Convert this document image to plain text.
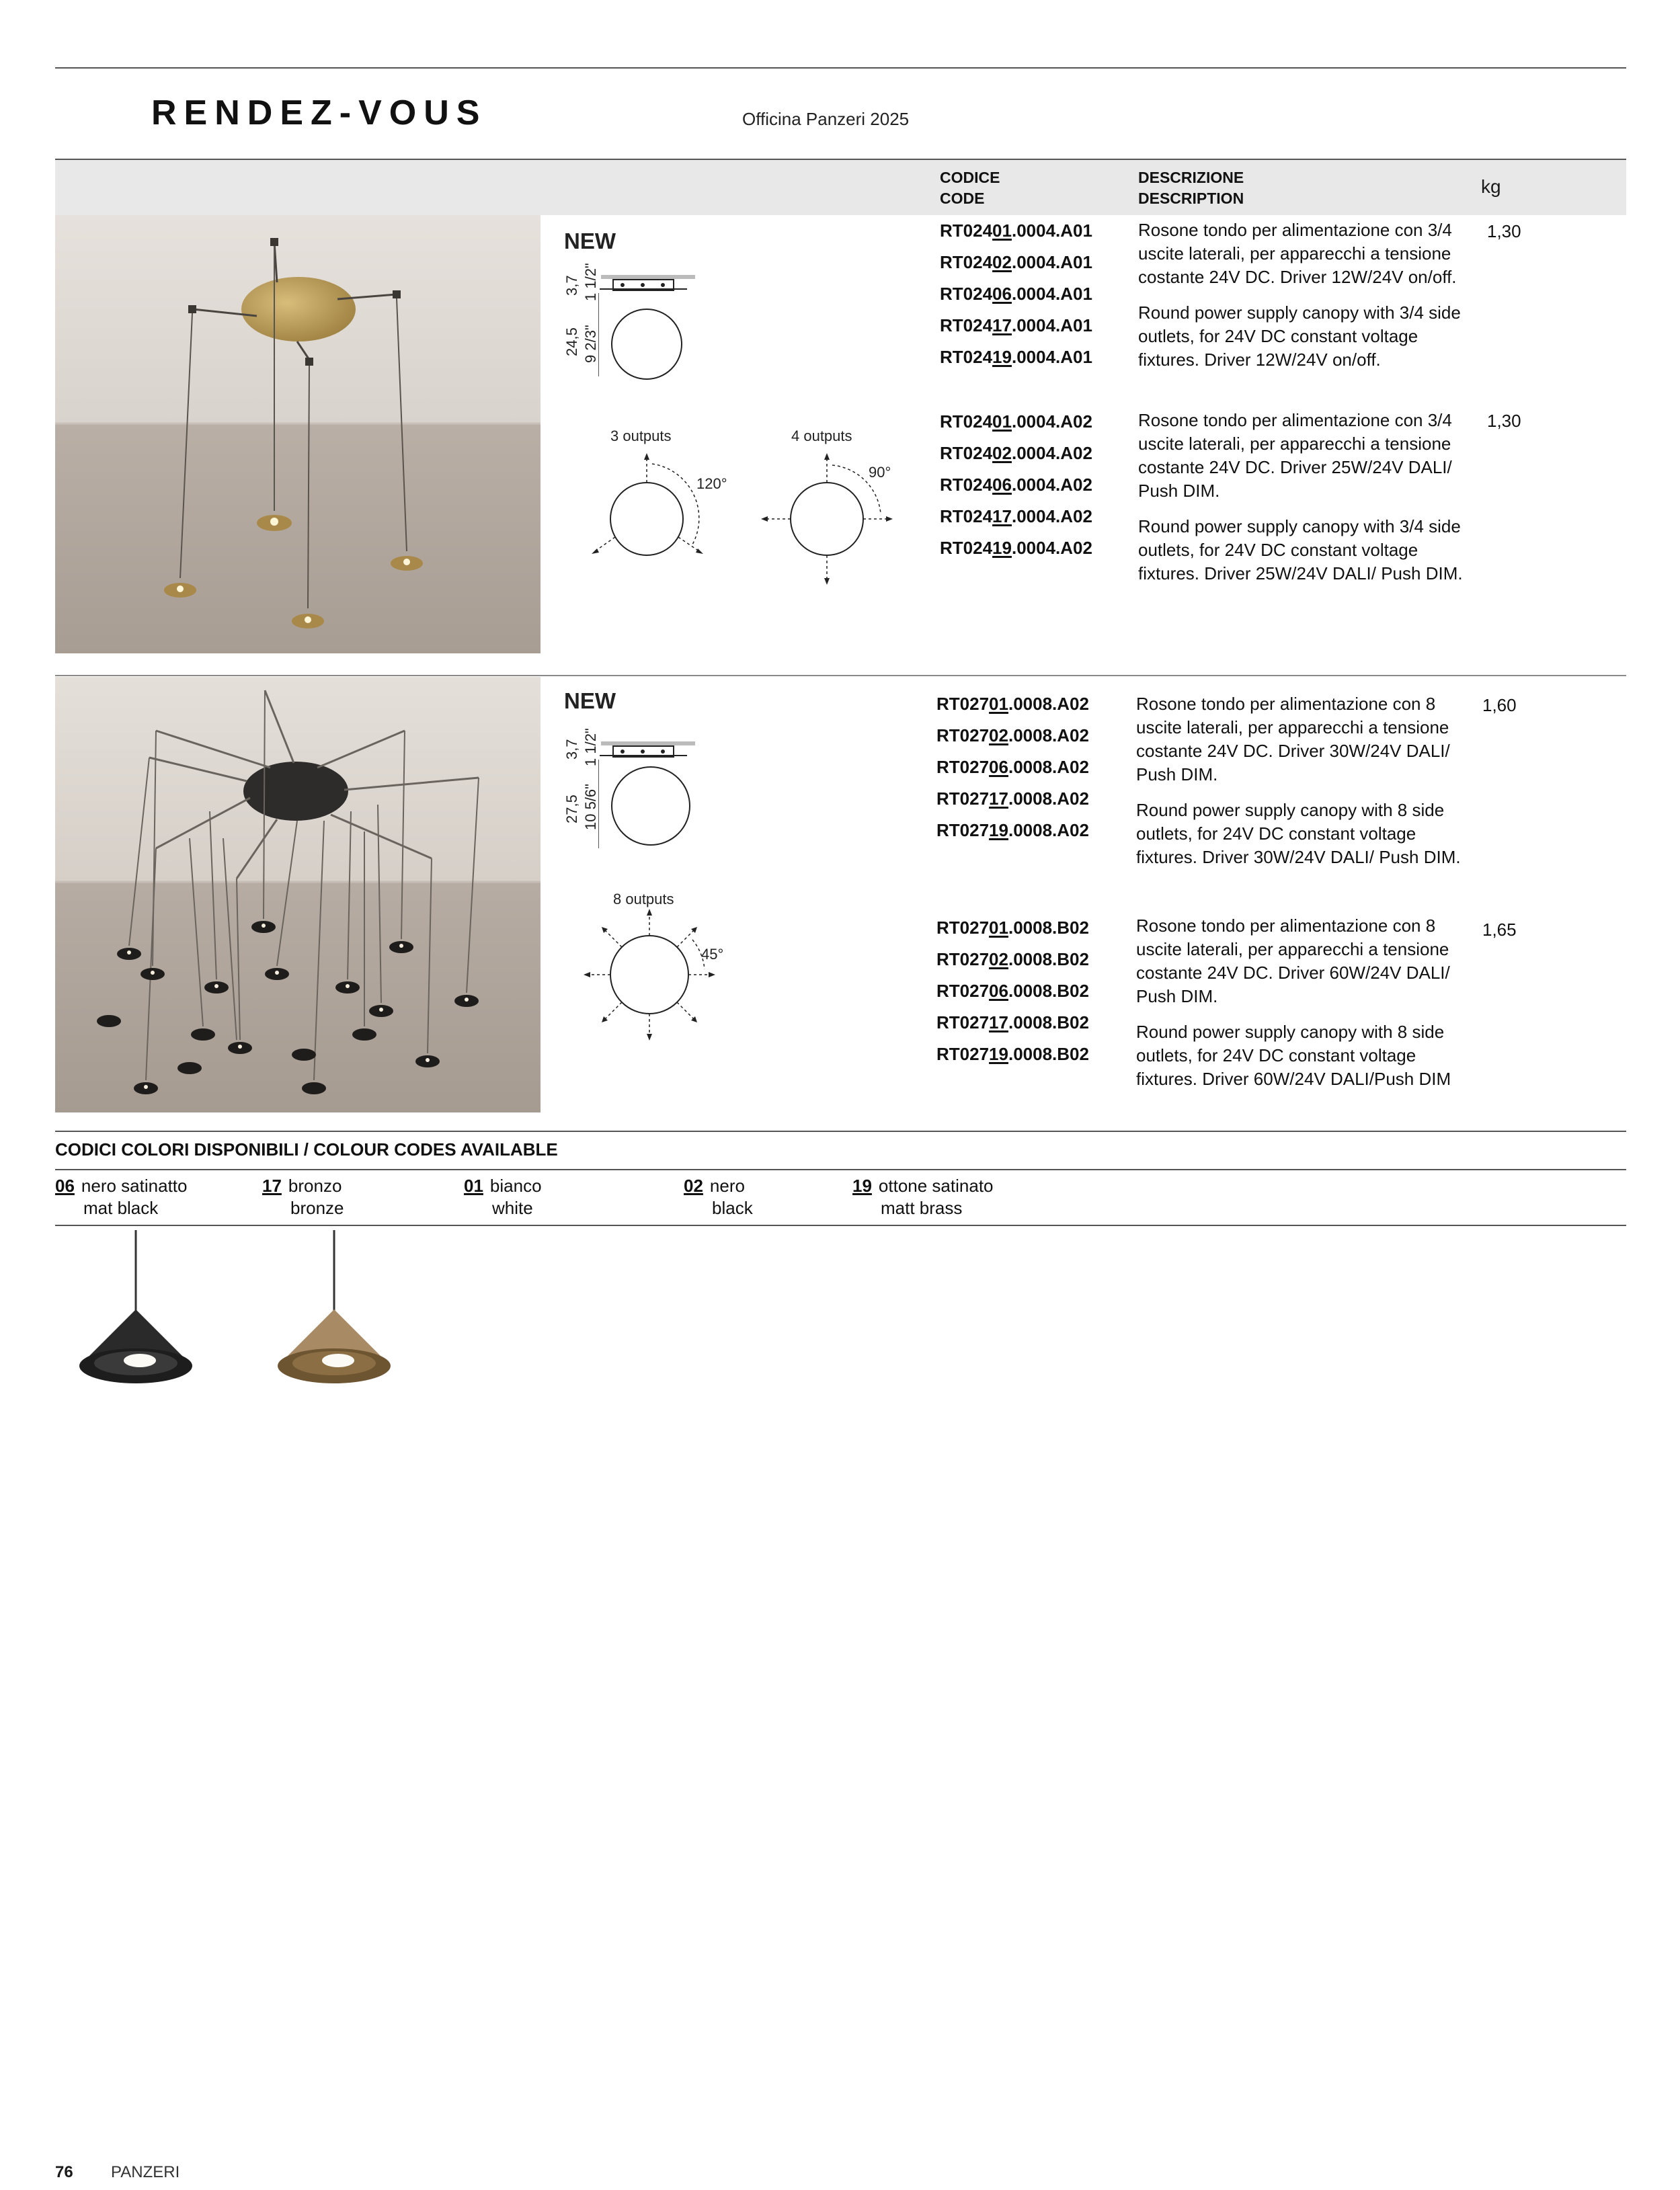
RENDEZ-VOUS	Officina Panzeri 2025
CODICE
CODE
DESCRIZIONE
DESCRIPTION
kg
NEW
3,7 1 1/2"
24,5 9 2/3"
3 outputs	4 outputs
120°
90°
RT02401.0004.A01
RT02402.0004.A01
RT02406.0004.A01
RT02417.0004.A01
RT02419.0004.A01

Rosone tondo per alimentazione con 3/4 uscite laterali, per apparecchi a tensione costante 24V DC. Driver 12W/24V on/off.

Round power supply canopy with 3/4 side outlets, for 24V DC constant voltage fixtures. Driver 12W/24V on/off.

1,30
RT02401.0004.A02
RT02402.0004.A02
RT02406.0004.A02
RT02417.0004.A02
RT02419.0004.A02

Rosone tondo per alimentazione con 3/4 uscite laterali, per apparecchi a tensione costante 24V DC. Driver 25W/24V DALI/ Push DIM.

Round power supply canopy with 3/4 side outlets, for 24V DC constant voltage fixtures. Driver 25W/24V DALI/ Push DIM.

1,30
NEW
3,7 1 1/2"
27,5 10 5/6"
8 outputs
45°
RT02701.0008.A02
RT02702.0008.A02
RT02706.0008.A02
RT02717.0008.A02
RT02719.0008.A02

Rosone tondo per alimentazione con 8 uscite laterali, per apparecchi a tensione costante 24V DC. Driver 30W/24V DALI/ Push DIM.

Round power supply canopy with 8 side outlets, for 24V DC constant voltage fixtures. Driver 30W/24V DALI/ Push DIM.

1,60
RT02701.0008.B02
RT02702.0008.B02
RT02706.0008.B02
RT02717.0008.B02
RT02719.0008.B02

Rosone tondo per alimentazione con 8 uscite laterali, per apparecchi a tensione costante 24V DC. Driver 60W/24V DALI/ Push DIM.

Round power supply canopy with 8 side outlets, for 24V DC constant voltage fixtures. Driver 60W/24V DALI/Push DIM

1,65
CODICI COLORI DISPONIBILI / COLOUR CODES AVAILABLE
06 nero satinatto
mat black
17 bronzo
bronze
01 bianco
white
02 nero
black
19 ottone satinato
matt brass
76 PANZERI
